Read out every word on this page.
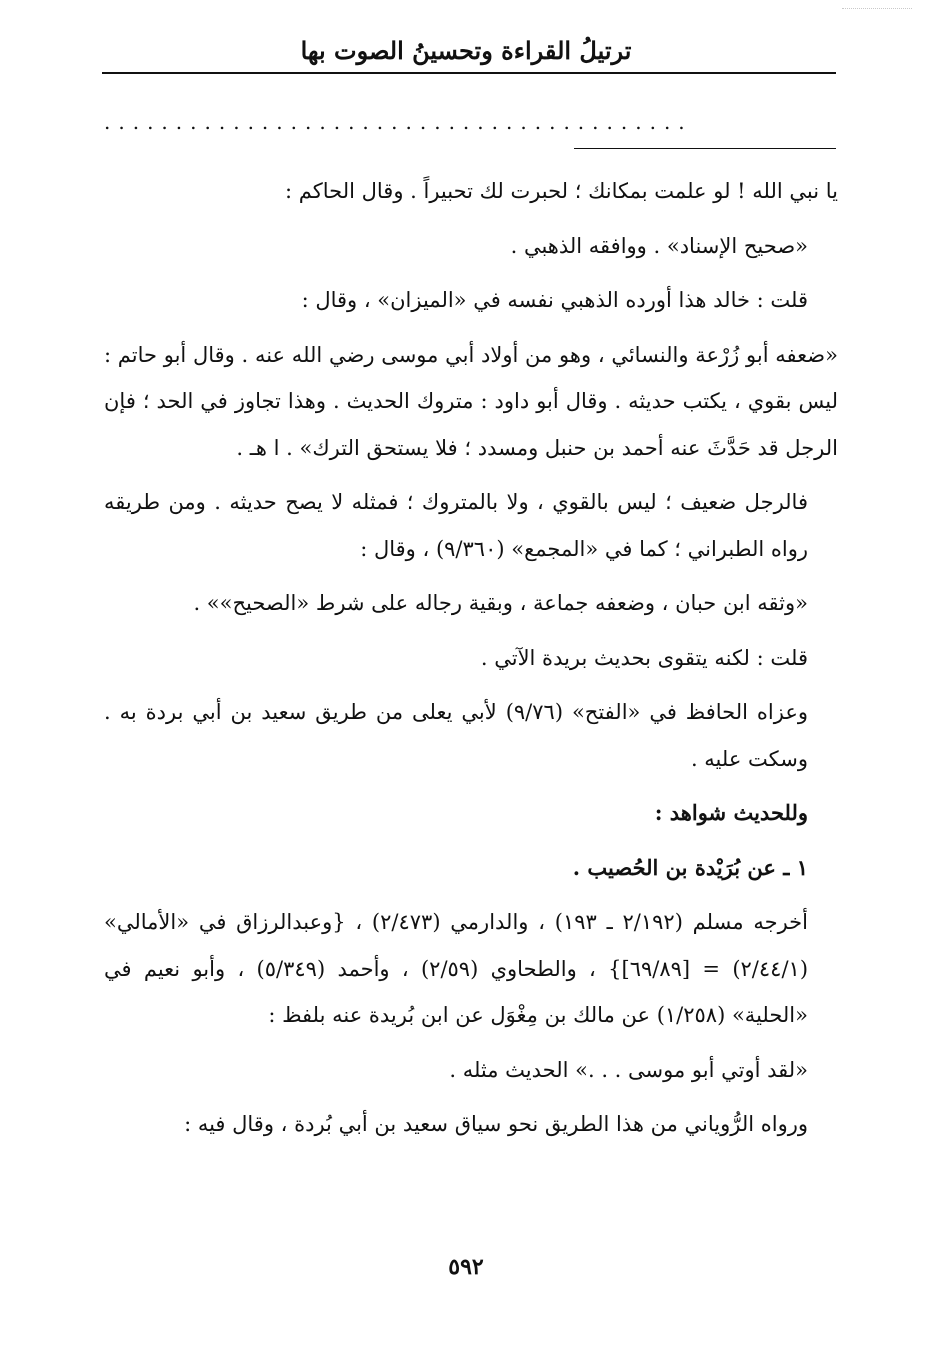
ترتيلُ القراءة وتحسينُ الصوت بها
.........................................

يا نبي الله ! لو علمت بمكانك ؛ لحبرت لك تحبيراً . وقال الحاكم :

«صحيح الإسناد» . ووافقه الذهبي .

قلت : خالد هذا أورده الذهبي نفسه في «الميزان» ، وقال :

«ضعفه أبو زُرْعة والنسائي ، وهو من أولاد أبي موسى رضي الله عنه . وقال أبو حاتم : ليس بقوي ، يكتب حديثه . وقال أبو داود : متروك الحديث . وهذا تجاوز في الحد ؛ فإن الرجل قد حَدَّثَ عنه أحمد بن حنبل ومسدد ؛ فلا يستحق الترك» . ا هـ .

فالرجل ضعيف ؛ ليس بالقوي ، ولا بالمتروك ؛ فمثله لا يصح حديثه . ومن طريقه رواه الطبراني ؛ كما في «المجمع» (٩/٣٦٠) ، وقال :

«وثقه ابن حبان ، وضعفه جماعة ، وبقية رجاله على شرط «الصحيح»» .

قلت : لكنه يتقوى بحديث بريدة الآتي .

وعزاه الحافظ في «الفتح» (٩/٧٦) لأبي يعلى من طريق سعيد بن أبي بردة به . وسكت عليه .

وللحديث شواهد :

١ ـ عن بُرَيْدة بن الحُصيب .

أخرجه مسلم (٢/١٩٢ ـ ١٩٣) ، والدارمي (٢/٤٧٣) ، {وعبدالرزاق في «الأمالي» (٢/٤٤/١) = [٦٩/٨٩]} ، والطحاوي (٢/٥٩) ، وأحمد (٥/٣٤٩) ، وأبو نعيم في «الحلية» (١/٢٥٨) عن مالك بن مِغْوَل عن ابن بُريدة عنه بلفظ :

«لقد أوتي أبو موسى . . .» الحديث مثله .

ورواه الرُّوياني من هذا الطريق نحو سياق سعيد بن أبي بُردة ، وقال فيه :

٥٩٢
